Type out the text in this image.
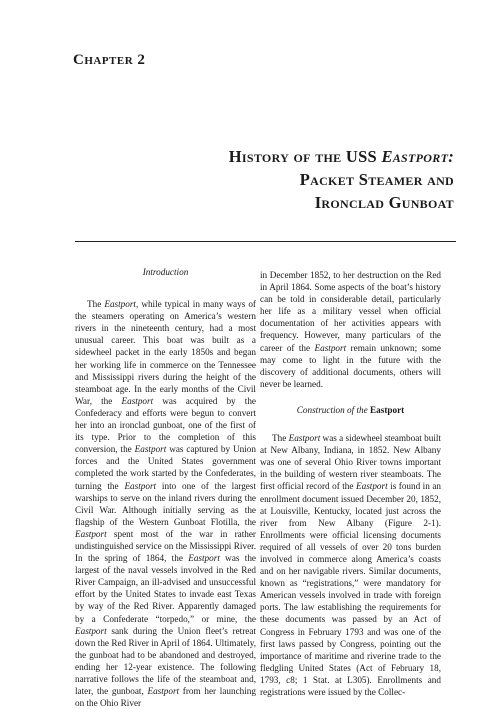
Chapter 2
History of the USS Eastport:
Packet Steamer and
Ironclad Gunboat

Introduction

The Eastport, while typical in many ways of the steamers operating on America’s western rivers in the nineteenth century, had a most unusual career. This boat was built as a sidewheel packet in the early 1850s and began her working life in commerce on the Tennessee and Mississippi rivers during the height of the steamboat age. In the early months of the Civil War, the Eastport was acquired by the Confederacy and efforts were begun to convert her into an ironclad gunboat, one of the first of its type. Prior to the completion of this conversion, the Eastport was captured by Union forces and the United States government completed the work started by the Confederates, turning the Eastport into one of the largest warships to serve on the inland rivers during the Civil War. Although initially serving as the flagship of the Western Gunboat Flotilla, the Eastport spent most of the war in rather undistinguished service on the Mississippi River. In the spring of 1864, the Eastport was the largest of the naval vessels involved in the Red River Campaign, an ill-advised and unsuccessful effort by the United States to invade east Texas by way of the Red River. Apparently damaged by a Confederate “torpedo,” or mine, the Eastport sank during the Union fleet’s retreat down the Red River in April of 1864. Ultimately, the gunboat had to be abandoned and destroyed, ending her 12-year existence. The following narrative follows the life of the steamboat and, later, the gunboat, Eastport from her launching on the Ohio River

in December 1852, to her destruction on the Red in April 1864. Some aspects of the boat’s history can be told in considerable detail, particularly her life as a military vessel when official documentation of her activities appears with frequency. However, many particulars of the career of the Eastport remain unknown; some may come to light in the future with the discovery of additional documents, others will never be learned.

Construction of the Eastport

The Eastport was a sidewheel steamboat built at New Albany, Indiana, in 1852. New Albany was one of several Ohio River towns important in the building of western river steamboats. The first official record of the Eastport is found in an enrollment document issued December 20, 1852, at Louisville, Kentucky, located just across the river from New Albany (Figure 2-1). Enrollments were official licensing documents required of all vessels of over 20 tons burden involved in commerce along America’s coasts and on her navigable rivers. Similar documents, known as “registrations,” were mandatory for American vessels involved in trade with foreign ports. The law establishing the requirements for these documents was passed by an Act of Congress in February 1793 and was one of the first laws passed by Congress, pointing out the importance of maritime and riverine trade to the fledgling United States (Act of February 18, 1793, c8; 1 Stat. at L305). Enrollments and registrations were issued by the Collec-
